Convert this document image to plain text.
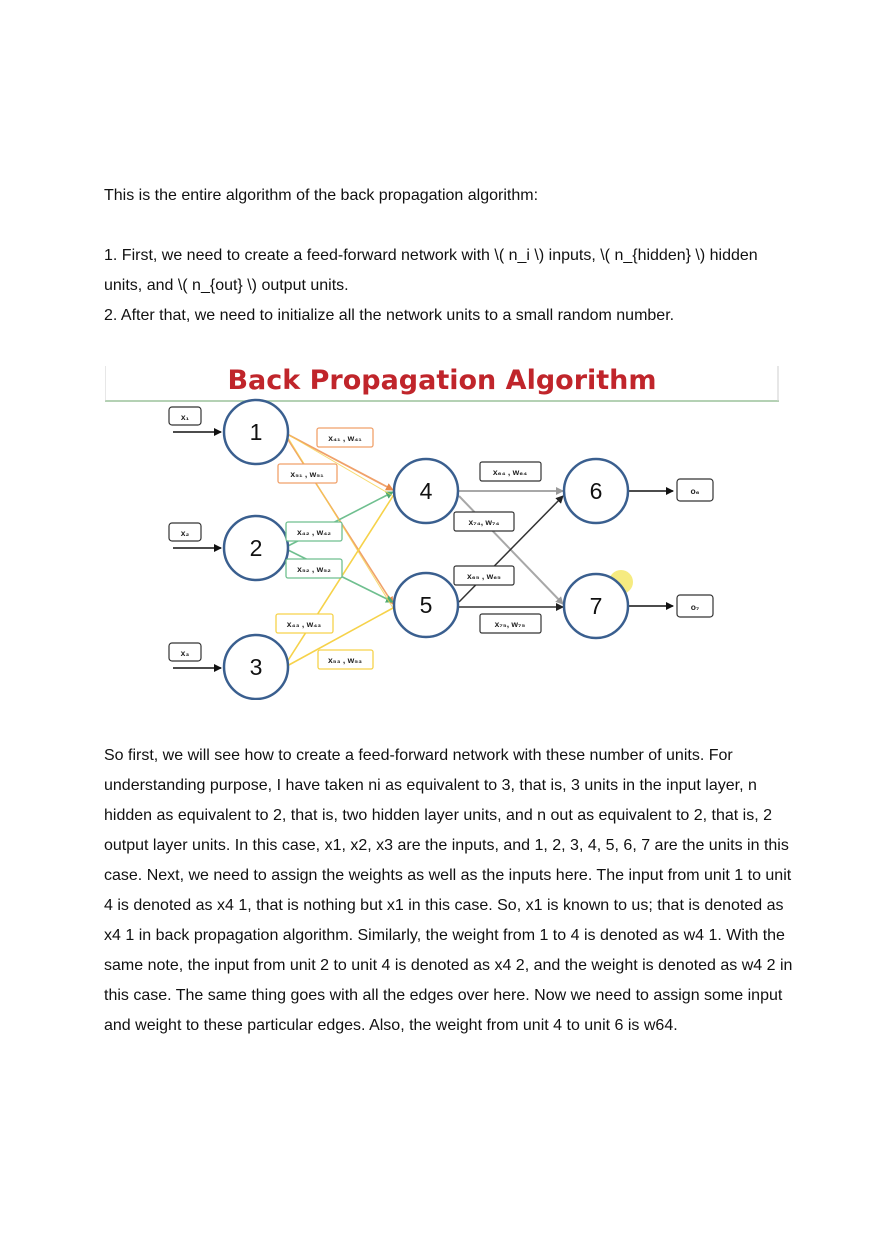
This is the entire algorithm of the back propagation algorithm:

1. First, we need to create a feed-forward network with \( n_i \) inputs, \( n_{hidden} \) hidden units, and \( n_{out} \) output units.
2. After that, we need to initialize all the network units to a small random number.
Back Propagation Algorithm
1
2
3
4
5
6
7
x₁
x₂
x₃
o₆
o₇
x₄₁ , w₄₁
x₅₁ , w₅₁
x₄₂ , w₄₂
x₅₂ , w₅₂
x₄₃ , w₄₃
x₅₃ , w₅₃
x₆₄ , w₆₄
x₇₄, w₇₄
x₆₅ , w₆₅
x₇₅, w₇₅

So first, we will see how to create a feed-forward network with these number of units. For understanding purpose, I have taken ni as equivalent to 3, that is, 3 units in the input layer, n hidden as equivalent to 2, that is, two hidden layer units, and n out as equivalent to 2, that is, 2 output layer units. In this case, x1, x2, x3 are the inputs, and 1, 2, 3, 4, 5, 6, 7 are the units in this case. Next, we need to assign the weights as well as the inputs here. The input from unit 1 to unit 4 is denoted as x4 1, that is nothing but x1 in this case. So, x1 is known to us; that is denoted as x4 1 in back propagation algorithm. Similarly, the weight from 1 to 4 is denoted as w4 1. With the same note, the input from unit 2 to unit 4 is denoted as x4 2, and the weight is denoted as w4 2 in this case. The same thing goes with all the edges over here. Now we need to assign some input and weight to these particular edges. Also, the weight from unit 4 to unit 6 is w64.
